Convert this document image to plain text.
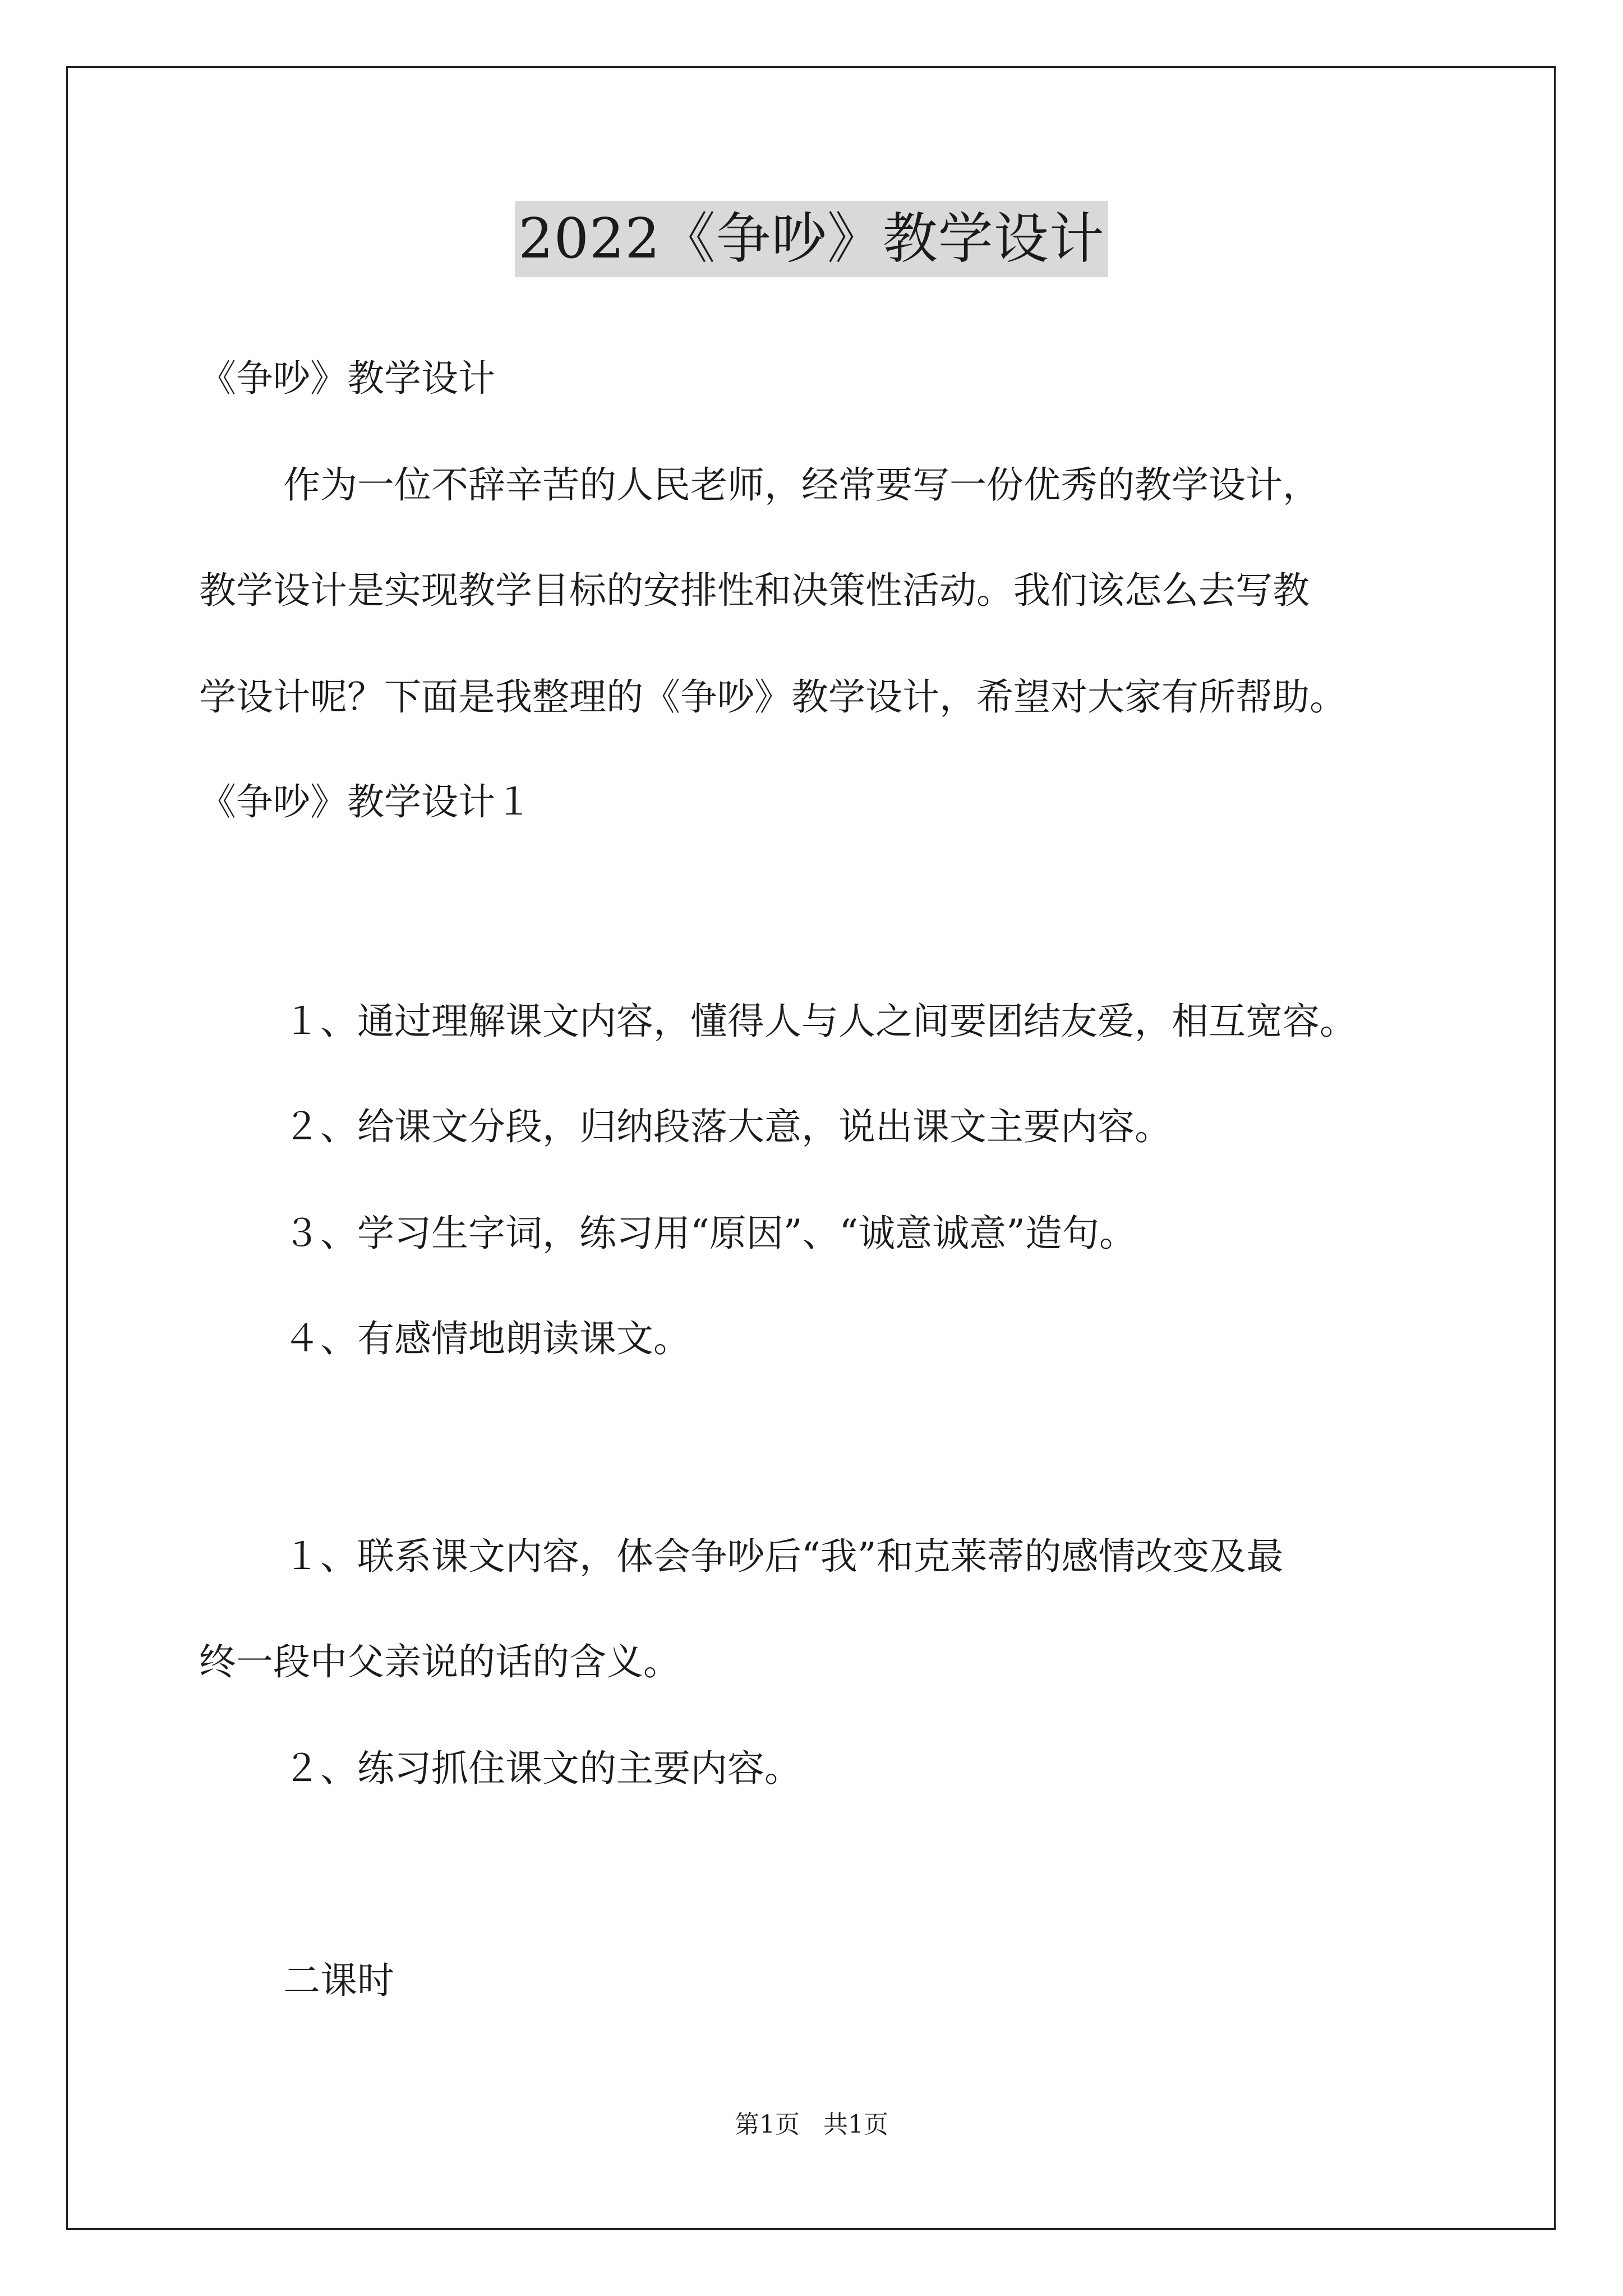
2022《争吵》教学设计
《争吵》教学设计
作为一位不辞辛苦的人民老师，经常要写一份优秀的教学设计，
教学设计是实现教学目标的安排性和决策性活动。我们该怎么去写教
学设计呢？下面是我整理的《争吵》教学设计，希望对大家有所帮助。
《争吵》教学设计１
１、通过理解课文内容，懂得人与人之间要团结友爱，相互宽容。
２、给课文分段，归纳段落大意，说出课文主要内容。
３、学习生字词，练习用“原因”、“诚意诚意”造句。
４、有感情地朗读课文。
１、联系课文内容，体会争吵后“我”和克莱蒂的感情改变及最
终一段中父亲说的话的含义。
２、练习抓住课文的主要内容。
二课时
第1页   共1页
